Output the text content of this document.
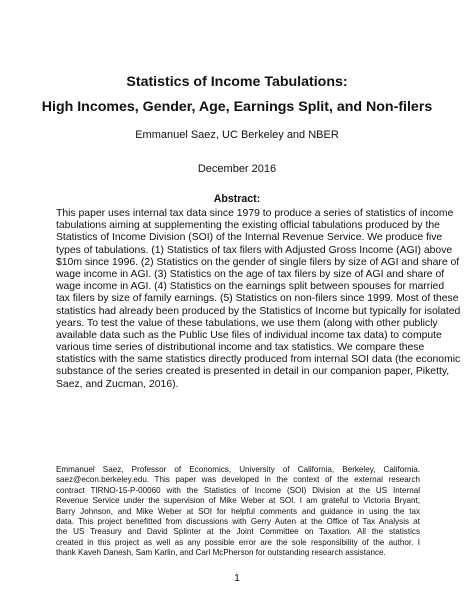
Statistics of Income Tabulations:
High Incomes, Gender, Age, Earnings Split, and Non-filers
Emmanuel Saez, UC Berkeley and NBER
December 2016
Abstract:
This paper uses internal tax data since 1979 to produce a series of statistics of income
tabulations aiming at supplementing the existing official tabulations produced by the
Statistics of Income Division (SOI) of the Internal Revenue Service. We produce five
types of tabulations. (1) Statistics of tax filers with Adjusted Gross Income (AGI) above
$10m since 1996. (2) Statistics on the gender of single filers by size of AGI and share of
wage income in AGI. (3) Statistics on the age of tax filers by size of AGI and share of
wage income in AGI. (4) Statistics on the earnings split between spouses for married
tax filers by size of family earnings. (5) Statistics on non-filers since 1999. Most of these
statistics had already been produced by the Statistics of Income but typically for isolated
years. To test the value of these tabulations, we use them (along with other publicly
available data such as the Public Use files of individual income tax data) to compute
various time series of distributional income and tax statistics. We compare these
statistics with the same statistics directly produced from internal SOI data (the economic
substance of the series created is presented in detail in our companion paper, Piketty,
Saez, and Zucman, 2016).
Emmanuel Saez, Professor of Economics, University of California, Berkeley, California.
saez@econ.berkeley.edu. This paper was developed in the context of the external research
contract TIRNO-15-P-00060 with the Statistics of Income (SOI) Division at the US Internal
Revenue Service under the supervision of Mike Weber at SOI. I am grateful to Victoria Bryant,
Barry Johnson, and Mike Weber at SOI for helpful comments and guidance in using the tax
data. This project benefitted from discussions with Gerry Auten at the Office of Tax Analysis at
the US Treasury and David Splinter at the Joint Committee on Taxation. All the statistics
created in this project as well as any possible error are the sole responsibility of the author. I
thank Kaveh Danesh, Sam Karlin, and Carl McPherson for outstanding research assistance.
1
